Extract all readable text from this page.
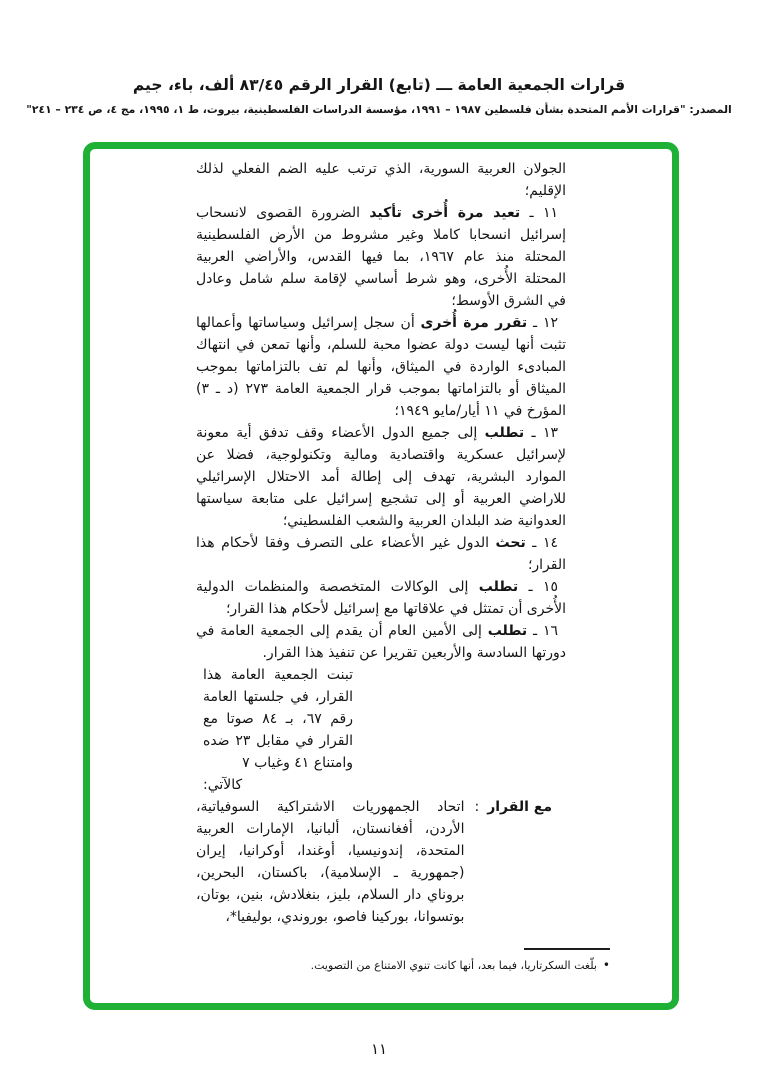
قرارات الجمعية العامة ـــ (تابع) القرار الرقم ٨٣/٤٥ ألف، باء، جيم
المصدر: "قرارات الأمم المتحدة بشأن فلسطين ١٩٨٧ – ١٩٩١، مؤسسة الدراسات الفلسطينية، بيروت، ط ١، ١٩٩٥، مج ٤، ص ٢٣٤ – ٢٤١"
الجولان العربية السورية، الذي ترتب عليه الضم الفعلي لذلك الإقليم؛
١١ ـ تعيد مرة أُخرى تأكيد الضرورة القصوى لانسحاب إسرائيل انسحابا كاملا وغير مشروط من الأرض الفلسطينية المحتلة منذ عام ١٩٦٧، بما فيها القدس، والأراضي العربية المحتلة الأُخرى، وهو شرط أساسي لإقامة سلم شامل وعادل في الشرق الأوسط؛
١٢ ـ تقرر مرة أُخرى أن سجل إسرائيل وسياساتها وأعمالها تثبت أنها ليست دولة عضوا محبة للسلم، وأنها تمعن في انتهاك المبادىء الواردة في الميثاق، وأنها لم تف بالتزاماتها بموجب الميثاق أو بالتزاماتها بموجب قرار الجمعية العامة ٢٧٣ (د ـ ٣) المؤرخ في ١١ أيار/مايو ١٩٤٩؛
١٣ ـ تطلب إلى جميع الدول الأعضاء وقف تدفق أية معونة لإسرائيل عسكرية واقتصادية ومالية وتكنولوجية، فضلا عن الموارد البشرية، تهدف إلى إطالة أمد الاحتلال الإسرائيلي للاراضي العربية أو إلى تشجيع إسرائيل على متابعة سياستها العدوانية ضد البلدان العربية والشعب الفلسطيني؛
١٤ ـ تحث الدول غير الأعضاء على التصرف وفقا لأحكام هذا القرار؛
١٥ ـ تطلب إلى الوكالات المتخصصة والمنظمات الدولية الأُخرى أن تمتثل في علاقاتها مع إسرائيل لأحكام هذا القرار؛
١٦ ـ تطلب إلى الأمين العام أن يقدم إلى الجمعية العامة في دورتها السادسة والأربعين تقريرا عن تنفيذ هذا القرار.
تبنت الجمعية العامة هذا القرار، في جلستها العامة رقم ٦٧، بـ ٨٤ صوتا مع القرار في مقابل ٢٣ ضده وامتناع ٤١ وغياب ٧
كالآتي:
مع القرار
:
اتحاد الجمهوريات الاشتراكية السوفياتية، الأردن، أفغانستان، ألبانيا، الإمارات العربية المتحدة، إندونيسيا، أوغندا، أوكرانيا، إيران (جمهورية ـ الإسلامية)، باكستان، البحرين، بروناي دار السلام، بليز، بنغلادش، بنين، بوتان، بوتسوانا، بوركينا فاصو، بوروندي، بوليفيا*،
•بلّغت السكرتاريا، فيما بعد، أنها كانت تنوي الامتناع من التصويت.
١١
